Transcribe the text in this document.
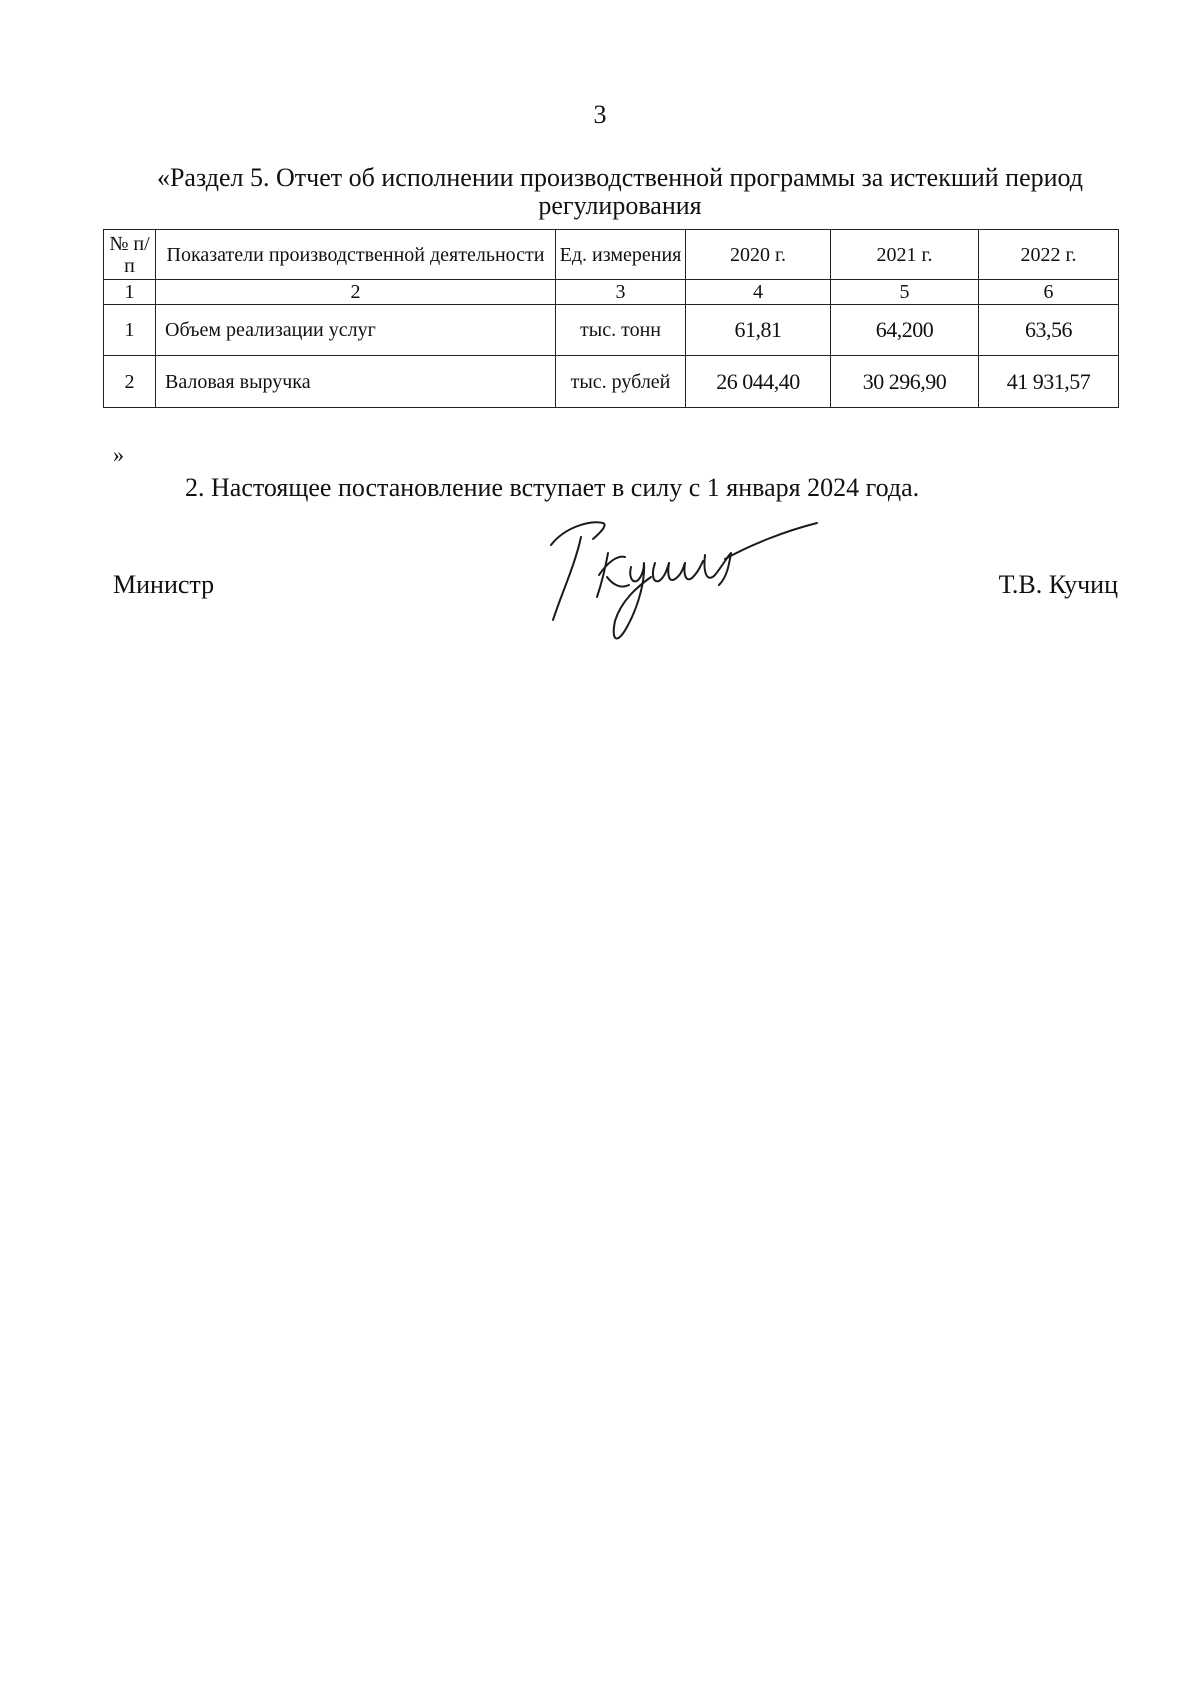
3
«Раздел 5. Отчет об исполнении производственной программы за истекший период регулирования
№ п/п	Показатели производственной деятельности	Ед. измерения	2020 г.	2021 г.	2022 г.
1	2	3	4	5	6
1	Объем реализации услуг	тыс. тонн	61,81	64,200	63,56
2	Валовая выручка	тыс. рублей	26 044,40	30 296,90	41 931,57
»
2. Настоящее постановление вступает в силу с 1 января 2024 года.
Министр	Т.В. Кучиц
